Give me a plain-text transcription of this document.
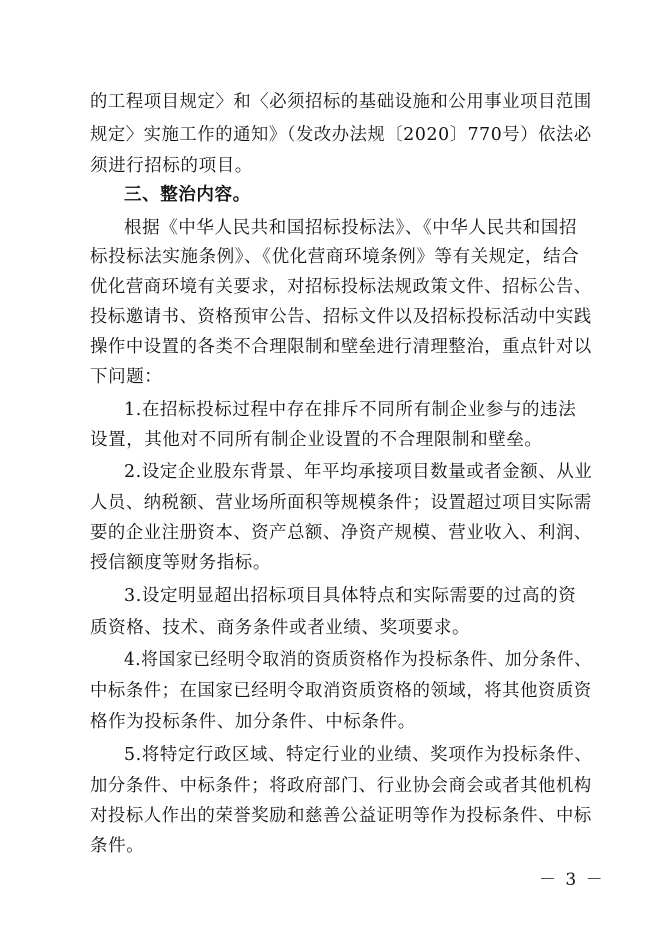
的工程项目规定〉和〈必须招标的基础设施和公用事业项目范围
规定〉实施工作的通知》（发改办法规〔2020〕770号）依法必
须进行招标的项目。
三、整治内容。
根据《中华人民共和国招标投标法》、《中华人民共和国招
标投标法实施条例》、《优化营商环境条例》等有关规定，结合
优化营商环境有关要求，对招标投标法规政策文件、招标公告、
投标邀请书、资格预审公告、招标文件以及招标投标活动中实践
操作中设置的各类不合理限制和壁垒进行清理整治，重点针对以
下问题：
1.在招标投标过程中存在排斥不同所有制企业参与的违法
设置，其他对不同所有制企业设置的不合理限制和壁垒。
2.设定企业股东背景、年平均承接项目数量或者金额、从业
人员、纳税额、营业场所面积等规模条件；设置超过项目实际需
要的企业注册资本、资产总额、净资产规模、营业收入、利润、
授信额度等财务指标。
3.设定明显超出招标项目具体特点和实际需要的过高的资
质资格、技术、商务条件或者业绩、奖项要求。
4.将国家已经明令取消的资质资格作为投标条件、加分条件、
中标条件；在国家已经明令取消资质资格的领域，将其他资质资
格作为投标条件、加分条件、中标条件。
5.将特定行政区域、特定行业的业绩、奖项作为投标条件、
加分条件、中标条件；将政府部门、行业协会商会或者其他机构
对投标人作出的荣誉奖励和慈善公益证明等作为投标条件、中标
条件。
－ 3 －
